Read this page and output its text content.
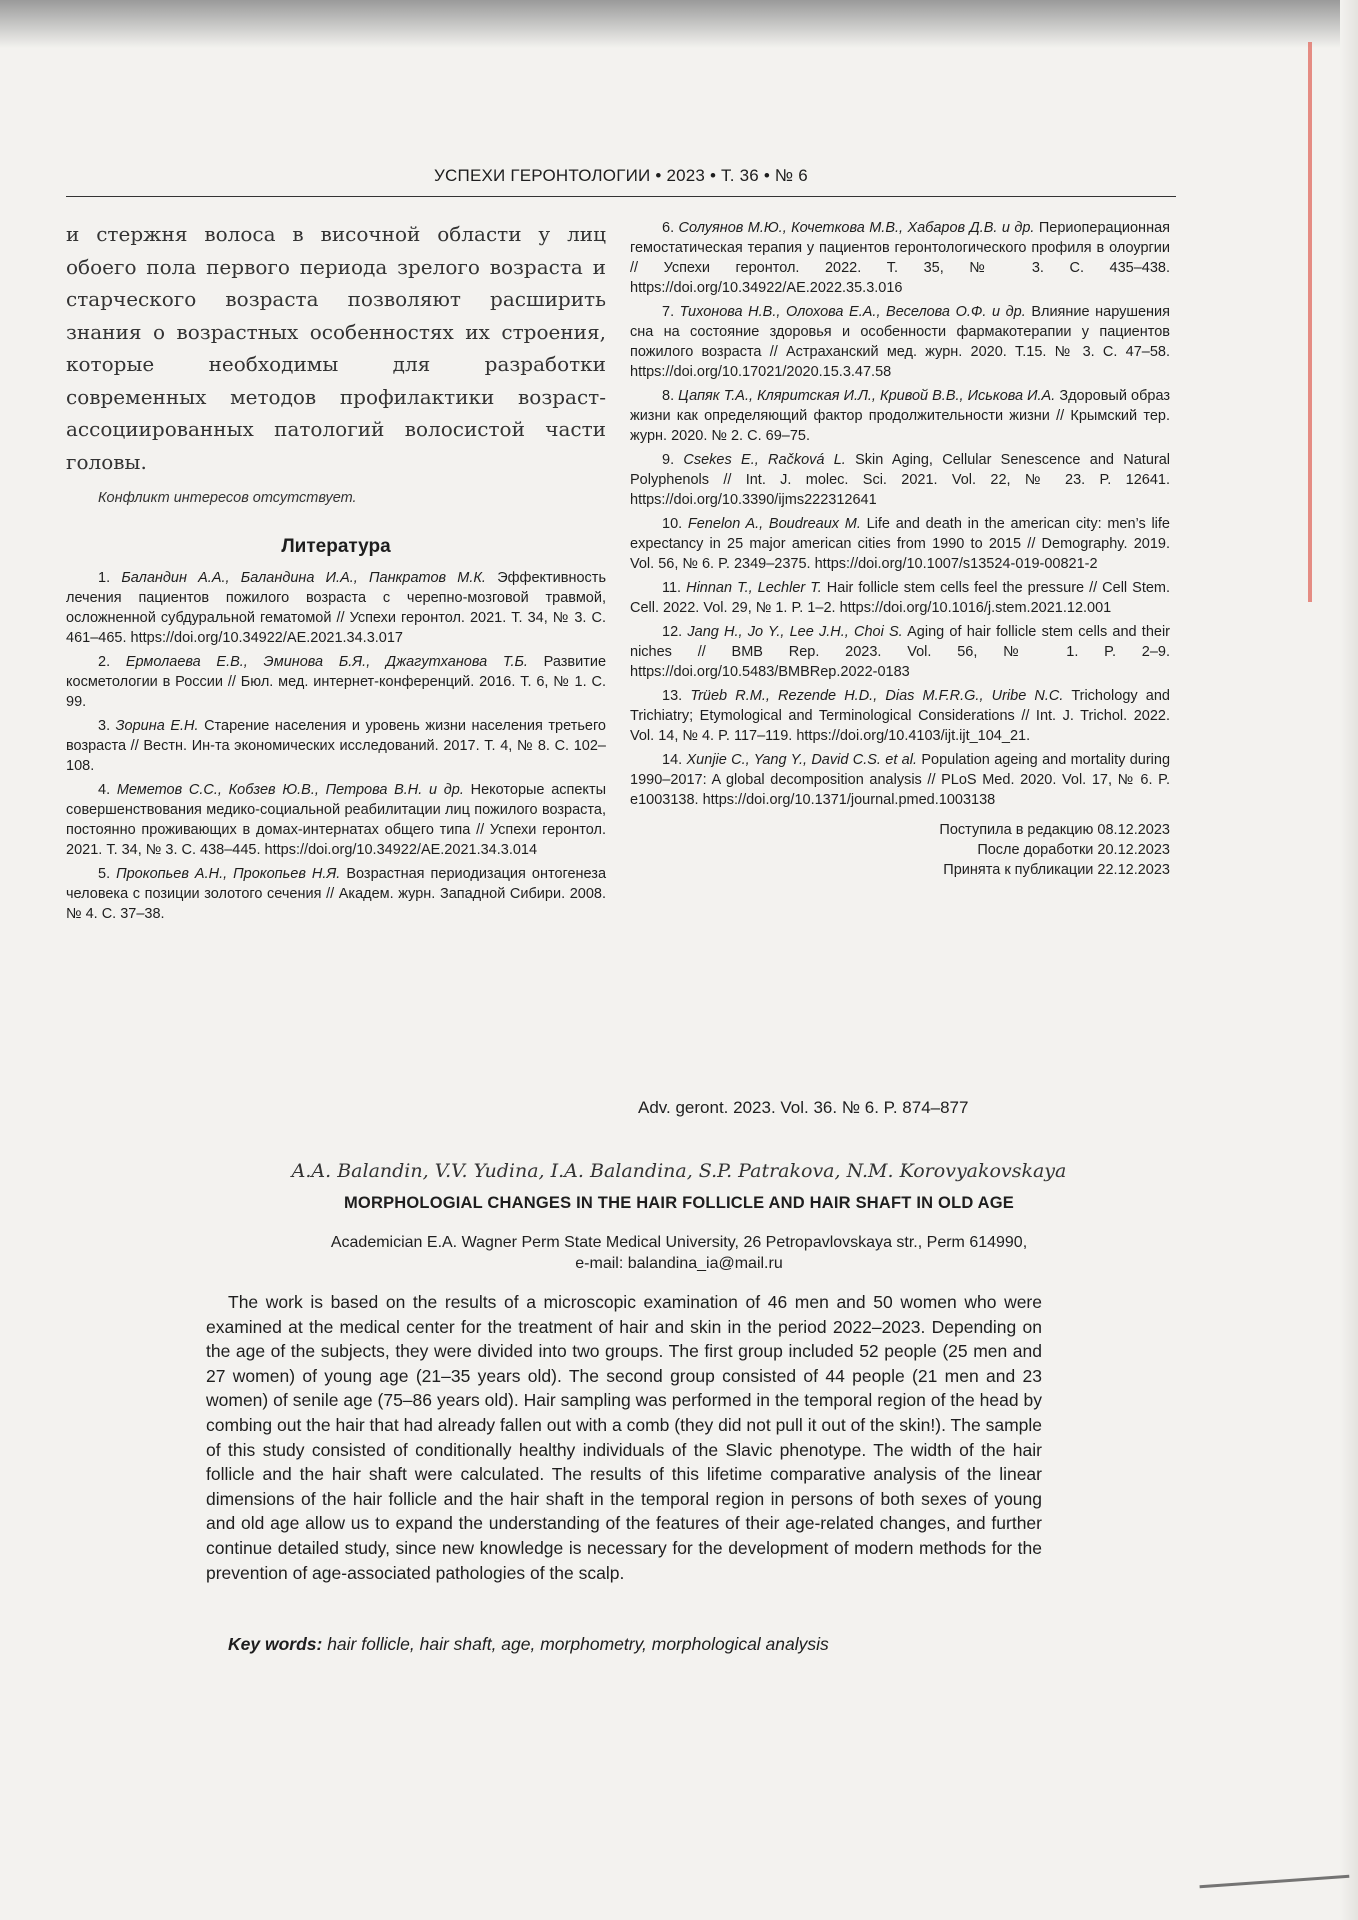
УСПЕХИ ГЕРОНТОЛОГИИ • 2023 • Т. 36 • № 6

и стержня волоса в височной области у лиц обоего пола первого периода зрелого возраста и старческого возраста позволяют расширить знания о возрастных особенностях их строения, которые необходимы для разработки современных методов профилактики возраст-ассоциированных патологий волосистой части головы.

Конфликт интересов отсутствует.
Литература

1. Баландин А.А., Баландина И.А., Панкратов М.К. Эффективность лечения пациентов пожилого возраста с черепно-мозговой травмой, осложненной субдуральной гематомой // Успехи геронтол. 2021. Т. 34, № 3. С. 461–465. https://doi.org/10.34922/AE.2021.34.3.017

2. Ермолаева Е.В., Эминова Б.Я., Джагутханова Т.Б. Развитие косметологии в России // Бюл. мед. интернет-конференций. 2016. Т. 6, № 1. С. 99.

3. Зорина Е.Н. Старение населения и уровень жизни населения третьего возраста // Вестн. Ин-та экономических исследований. 2017. Т. 4, № 8. С. 102–108.

4. Меметов С.С., Кобзев Ю.В., Петрова В.Н. и др. Некоторые аспекты совершенствования медико-социальной реабилитации лиц пожилого возраста, постоянно проживающих в домах-интернатах общего типа // Успехи геронтол. 2021. Т. 34, № 3. С. 438–445. https://doi.org/10.34922/AE.2021.34.3.014

5. Прокопьев А.Н., Прокопьев Н.Я. Возрастная периодизация онтогенеза человека с позиции золотого сечения // Академ. журн. Западной Сибири. 2008. № 4. С. 37–38.

6. Солуянов М.Ю., Кочеткова М.В., Хабаров Д.В. и др. Периоперационная гемостатическая терапия у пациентов геронтологического профиля в олоургии // Успехи геронтол. 2022. Т. 35, № 3. С. 435–438. https://doi.org/10.34922/AE.2022.35.3.016

7. Тихонова Н.В., Олохова Е.А., Веселова О.Ф. и др. Влияние нарушения сна на состояние здоровья и особенности фармакотерапии у пациентов пожилого возраста // Астраханский мед. журн. 2020. Т.15. № 3. С. 47–58. https://doi.org/10.17021/2020.15.3.47.58

8. Цапяк Т.А., Кляритская И.Л., Кривой В.В., Иськова И.А. Здоровый образ жизни как определяющий фактор продолжительности жизни // Крымский тер. журн. 2020. № 2. С. 69–75.

9. Csekes E., Račková L. Skin Aging, Cellular Senescence and Natural Polyphenols // Int. J. molec. Sci. 2021. Vol. 22, № 23. P. 12641. https://doi.org/10.3390/ijms222312641

10. Fenelon A., Boudreaux M. Life and death in the american city: men’s life expectancy in 25 major american cities from 1990 to 2015 // Demography. 2019. Vol. 56, № 6. P. 2349–2375. https://doi.org/10.1007/s13524-019-00821-2

11. Hinnan T., Lechler T. Hair follicle stem cells feel the pressure // Cell Stem. Cell. 2022. Vol. 29, № 1. P. 1–2. https://doi.org/10.1016/j.stem.2021.12.001

12. Jang H., Jo Y., Lee J.H., Choi S. Aging of hair follicle stem cells and their niches // BMB Rep. 2023. Vol. 56, № 1. P. 2–9. https://doi.org/10.5483/BMBRep.2022-0183

13. Trüeb R.M., Rezende H.D., Dias M.F.R.G., Uribe N.C. Trichology and Trichiatry; Etymological and Terminological Considerations // Int. J. Trichol. 2022. Vol. 14, № 4. P. 117–119. https://doi.org/10.4103/ijt.ijt_104_21.

14. Xunjie C., Yang Y., David C.S. et al. Population ageing and mortality during 1990–2017: A global decomposition analysis // PLoS Med. 2020. Vol. 17, № 6. P. e1003138. https://doi.org/10.1371/journal.pmed.1003138

Поступила в редакцию 08.12.2023
После доработки 20.12.2023
Принята к публикации 22.12.2023
Adv. geront. 2023. Vol. 36. № 6. P. 874–877
A.A. Balandin, V.V. Yudina, I.A. Balandina, S.P. Patrakova, N.M. Korovyakovskaya
MORPHOLOGIAL CHANGES IN THE HAIR FOLLICLE AND HAIR SHAFT IN OLD AGE
Academician E.A. Wagner Perm State Medical University, 26 Petropavlovskaya str., Perm 614990,
e-mail: balandina_ia@mail.ru

The work is based on the results of a microscopic examination of 46 men and 50 women who were examined at the medical center for the treatment of hair and skin in the period 2022–2023. Depending on the age of the subjects, they were divided into two groups. The first group included 52 people (25 men and 27 women) of young age (21–35 years old). The second group consisted of 44 people (21 men and 23 women) of senile age (75–86 years old). Hair sampling was performed in the temporal region of the head by combing out the hair that had already fallen out with a comb (they did not pull it out of the skin!). The sample of this study consisted of conditionally healthy individuals of the Slavic phenotype. The width of the hair follicle and the hair shaft were calculated. The results of this lifetime comparative analysis of the linear dimensions of the hair follicle and the hair shaft in the temporal region in persons of both sexes of young and old age allow us to expand the understanding of the features of their age-related changes, and further continue detailed study, since new knowledge is necessary for the development of modern methods for the prevention of age-associated pathologies of the scalp.

Key words: hair follicle, hair shaft, age, morphometry, morphological analysis
